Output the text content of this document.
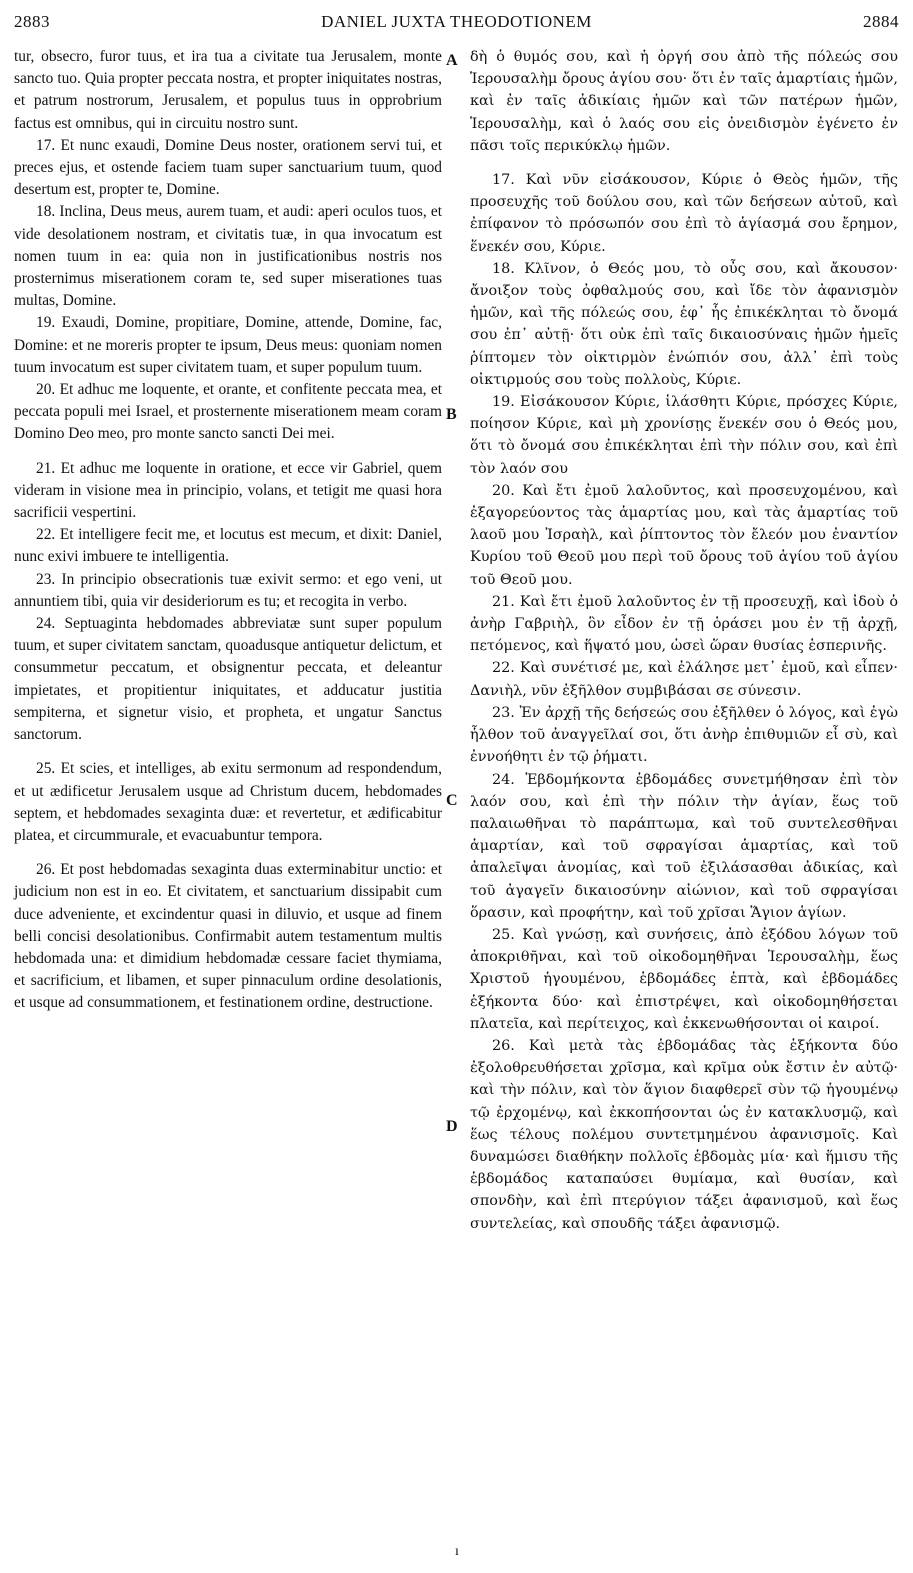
2883	DANIEL JUXTA THEODOTIONEM	2884

tur, obsecro, furor tuus, et ira tua a civitate tua Jerusalem, monte sancto tuo. Quia propter peccata nostra, et propter iniquitates nostras, et patrum nostrorum, Jerusalem, et populus tuus in opprobrium factus est omnibus, qui in circuitu nostro sunt.

17. Et nunc exaudi, Domine Deus noster, orationem servi tui, et preces ejus, et ostende faciem tuam super sanctuarium tuum, quod desertum est, propter te, Domine.

18. Inclina, Deus meus, aurem tuam, et audi: aperi oculos tuos, et vide desolationem nostram, et civitatis tuæ, in qua invocatum est nomen tuum in ea: quia non in justificationibus nostris nos prosternimus miserationem coram te, sed super miserationes tuas multas, Domine.

19. Exaudi, Domine, propitiare, Domine, attende, Domine, fac, Domine: et ne moreris propter te ipsum, Deus meus: quoniam nomen tuum invocatum est super civitatem tuam, et super populum tuum.

20. Et adhuc me loquente, et orante, et confitente peccata mea, et peccata populi mei Israel, et prosternente miserationem meam coram Domino Deo meo, pro monte sancto sancti Dei mei.

21. Et adhuc me loquente in oratione, et ecce vir Gabriel, quem videram in visione mea in principio, volans, et tetigit me quasi hora sacrificii vespertini.

22. Et intelligere fecit me, et locutus est mecum, et dixit: Daniel, nunc exivi imbuere te intelligentia.

23. In principio obsecrationis tuæ exivit sermo: et ego veni, ut annuntiem tibi, quia vir desideriorum es tu; et recogita in verbo.

24. Septuaginta hebdomades abbreviatæ sunt super populum tuum, et super civitatem sanctam, quoadusque antiquetur delictum, et consummetur peccatum, et obsignentur peccata, et deleantur impietates, et propitientur iniquitates, et adducatur justitia sempiterna, et signetur visio, et propheta, et ungatur Sanctus sanctorum.

25. Et scies, et intelliges, ab exitu sermonum ad respondendum, et ut ædificetur Jerusalem usque ad Christum ducem, hebdomades septem, et hebdomades sexaginta duæ: et revertetur, et ædificabitur platea, et circummurale, et evacuabuntur tempora.

26. Et post hebdomadas sexaginta duas exterminabitur unctio: et judicium non est in eo. Et civitatem, et sanctuarium dissipabit cum duce adveniente, et excindentur quasi in diluvio, et usque ad finem belli concisi desolationibus. Confirmabit autem testamentum multis hebdomada una: et dimidium hebdomadæ cessare faciet thymiama, et sacrificium, et libamen, et super pinnaculum ordine desolationis, et usque ad consummationem, et festinationem ordine, destructione.

A
B
C
D

δὴ ὁ θυμός σου, καὶ ἡ ὀργή σου ἀπὸ τῆς πόλεώς σου Ἱερουσαλὴμ ὄρους ἁγίου σου· ὅτι ἐν ταῖς ἁμαρτίαις ἡμῶν, καὶ ἐν ταῖς ἀδικίαις ἡμῶν καὶ τῶν πατέρων ἡμῶν, Ἱερουσαλὴμ, καὶ ὁ λαός σου εἰς ὀνειδισμὸν ἐγένετο ἐν πᾶσι τοῖς περικύκλῳ ἡμῶν.

17. Καὶ νῦν εἰσάκουσον, Κύριε ὁ Θεὸς ἡμῶν, τῆς προσευχῆς τοῦ δούλου σου, καὶ τῶν δεήσεων αὐτοῦ, καὶ ἐπίφανον τὸ πρόσωπόν σου ἐπὶ τὸ ἁγίασμά σου ἔρημον, ἕνεκέν σου, Κύριε.

18. Κλῖνον, ὁ Θεός μου, τὸ οὖς σου, καὶ ἄκουσον· ἄνοιξον τοὺς ὀφθαλμούς σου, καὶ ἴδε τὸν ἀφανισμὸν ἡμῶν, καὶ τῆς πόλεώς σου, ἐφ᾽ ἧς ἐπικέκληται τὸ ὄνομά σου ἐπ᾽ αὐτῇ· ὅτι οὐκ ἐπὶ ταῖς δικαιοσύναις ἡμῶν ἡμεῖς ῥίπτομεν τὸν οἰκτιρμὸν ἐνώπιόν σου, ἀλλ᾽ ἐπὶ τοὺς οἰκτιρμούς σου τοὺς πολλοὺς, Κύριε.

19. Εἰσάκουσον Κύριε, ἱλάσθητι Κύριε, πρόσχες Κύριε, ποίησον Κύριε, καὶ μὴ χρονίσῃς ἕνεκέν σου ὁ Θεός μου, ὅτι τὸ ὄνομά σου ἐπικέκληται ἐπὶ τὴν πόλιν σου, καὶ ἐπὶ τὸν λαόν σου

20. Καὶ ἔτι ἐμοῦ λαλοῦντος, καὶ προσευχομένου, καὶ ἐξαγορεύοντος τὰς ἁμαρτίας μου, καὶ τὰς ἁμαρτίας τοῦ λαοῦ μου Ἰσραὴλ, καὶ ῥίπτοντος τὸν ἔλεόν μου ἐναντίον Κυρίου τοῦ Θεοῦ μου περὶ τοῦ ὄρους τοῦ ἁγίου τοῦ ἁγίου τοῦ Θεοῦ μου.

21. Καὶ ἔτι ἐμοῦ λαλοῦντος ἐν τῇ προσευχῇ, καὶ ἰδοὺ ὁ ἀνὴρ Γαβριὴλ, ὃν εἶδον ἐν τῇ ὁράσει μου ἐν τῇ ἀρχῇ, πετόμενος, καὶ ἥψατό μου, ὡσεὶ ὥραν θυσίας ἑσπερινῆς.

22. Καὶ συνέτισέ με, καὶ ἐλάλησε μετ᾽ ἐμοῦ, καὶ εἶπεν· Δανιὴλ, νῦν ἐξῆλθον συμβιβάσαι σε σύνεσιν.

23. Ἐν ἀρχῇ τῆς δεήσεώς σου ἐξῆλθεν ὁ λόγος, καὶ ἐγὼ ἦλθον τοῦ ἀναγγεῖλαί σοι, ὅτι ἀνὴρ ἐπιθυμιῶν εἶ σὺ, καὶ ἐννοήθητι ἐν τῷ ῥήματι.

24. Ἑβδομήκοντα ἑβδομάδες συνετμήθησαν ἐπὶ τὸν λαόν σου, καὶ ἐπὶ τὴν πόλιν τὴν ἁγίαν, ἕως τοῦ παλαιωθῆναι τὸ παράπτωμα, καὶ τοῦ συντελεσθῆναι ἁμαρτίαν, καὶ τοῦ σφραγίσαι ἁμαρτίας, καὶ τοῦ ἀπαλεῖψαι ἀνομίας, καὶ τοῦ ἐξιλάσασθαι ἀδικίας, καὶ τοῦ ἀγαγεῖν δικαιοσύνην αἰώνιον, καὶ τοῦ σφραγίσαι ὅρασιν, καὶ προφήτην, καὶ τοῦ χρῖσαι Ἅγιον ἁγίων.

25. Καὶ γνώσῃ, καὶ συνήσεις, ἀπὸ ἐξόδου λόγων τοῦ ἀποκριθῆναι, καὶ τοῦ οἰκοδομηθῆναι Ἱερουσαλὴμ, ἕως Χριστοῦ ἡγουμένου, ἑβδομάδες ἑπτὰ, καὶ ἑβδομάδες ἑξήκοντα δύο· καὶ ἐπιστρέψει, καὶ οἰκοδομηθήσεται πλατεῖα, καὶ περίτειχος, καὶ ἐκκενωθήσονται οἱ καιροί.

26. Καὶ μετὰ τὰς ἑβδομάδας τὰς ἑξήκοντα δύο ἐξολοθρευθήσεται χρῖσμα, καὶ κρῖμα οὐκ ἔστιν ἐν αὐτῷ· καὶ τὴν πόλιν, καὶ τὸν ἅγιον διαφθερεῖ σὺν τῷ ἡγουμένῳ τῷ ἐρχομένῳ, καὶ ἐκκοπήσονται ὡς ἐν κατακλυσμῷ, καὶ ἕως τέλους πολέμου συντετμημένου ἀφανισμοῖς. Καὶ δυναμώσει διαθήκην πολλοῖς ἑβδομὰς μία· καὶ ἥμισυ τῆς ἑβδομάδος καταπαύσει θυμίαμα, καὶ θυσίαν, καὶ σπονδὴν, καὶ ἐπὶ πτερύγιον τάξει ἀφανισμοῦ, καὶ ἕως συντελείας, καὶ σπουδῆς τάξει ἀφανισμῷ.

ı
